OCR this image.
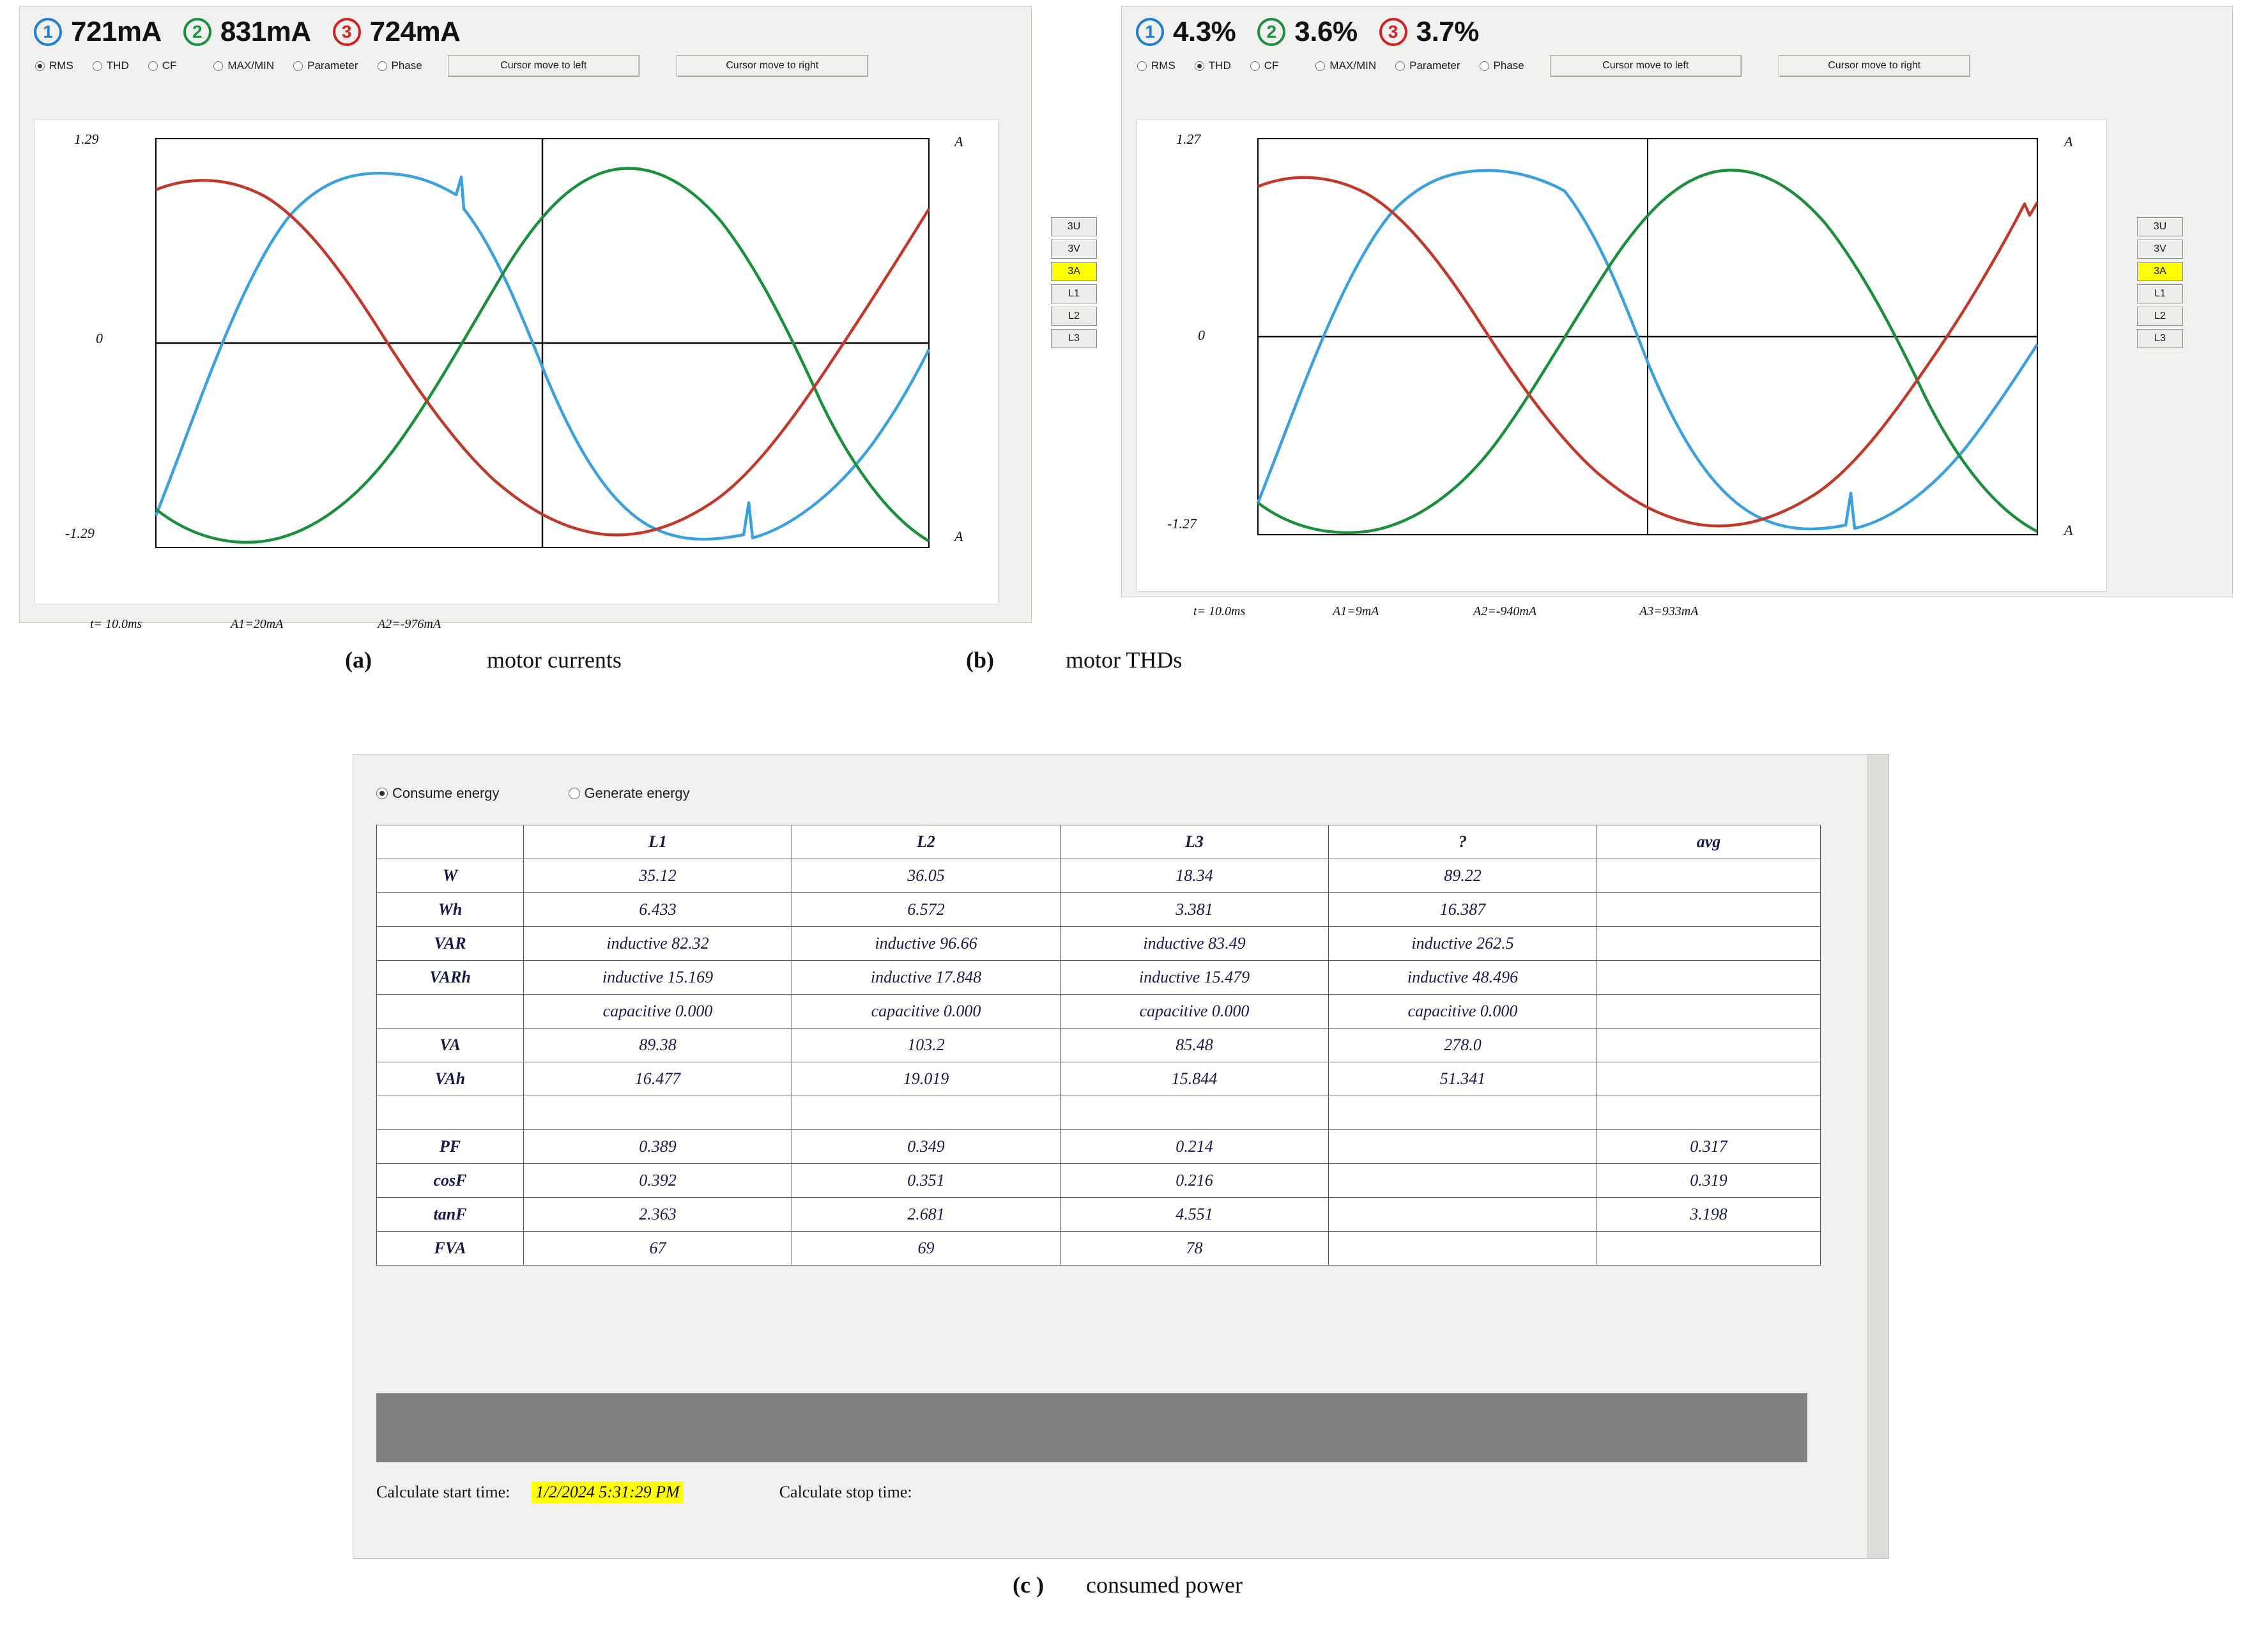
1 721mA	2 831mA	3 724mA
RMS	THD	CF	MAX/MIN	Parameter	Phase	Cursor move to left	Cursor move to right
1.29
0
-1.29
A
A
t= 10.0ms	A1=20mA	A2=-976mA
3U
3V
3A
L1
L2
L3
1 4.3%	2 3.6%	3 3.7%
RMS	THD	CF	MAX/MIN	Parameter	Phase	Cursor move to left	Cursor move to right
1.27
0
-1.27
A
A
t= 10.0ms	A1=9mA	A2=-940mA	A3=933mA
3U
3V
3A
L1
L2
L3
(a)	motor currents	(b)	motor THDs
Consume energy	Generate energy
	L1	L2	L3	?	avg
W	35.12	36.05	18.34	89.22	
Wh	6.433	6.572	3.381	16.387	
VAR	inductive 82.32	inductive 96.66	inductive 83.49	inductive 262.5	
VARh	inductive 15.169	inductive 17.848	inductive 15.479	inductive 48.496	
	capacitive 0.000	capacitive 0.000	capacitive 0.000	capacitive 0.000	
VA	89.38	103.2	85.48	278.0	
VAh	16.477	19.019	15.844	51.341	

PF	0.389	0.349	0.214		0.317
cosF	0.392	0.351	0.216		0.319
tanF	2.363	2.681	4.551		3.198
FVA	67	69	78		
Calculate start time: 1/2/2024 5:31:29 PM	Calculate stop time:
(c ) consumed power
